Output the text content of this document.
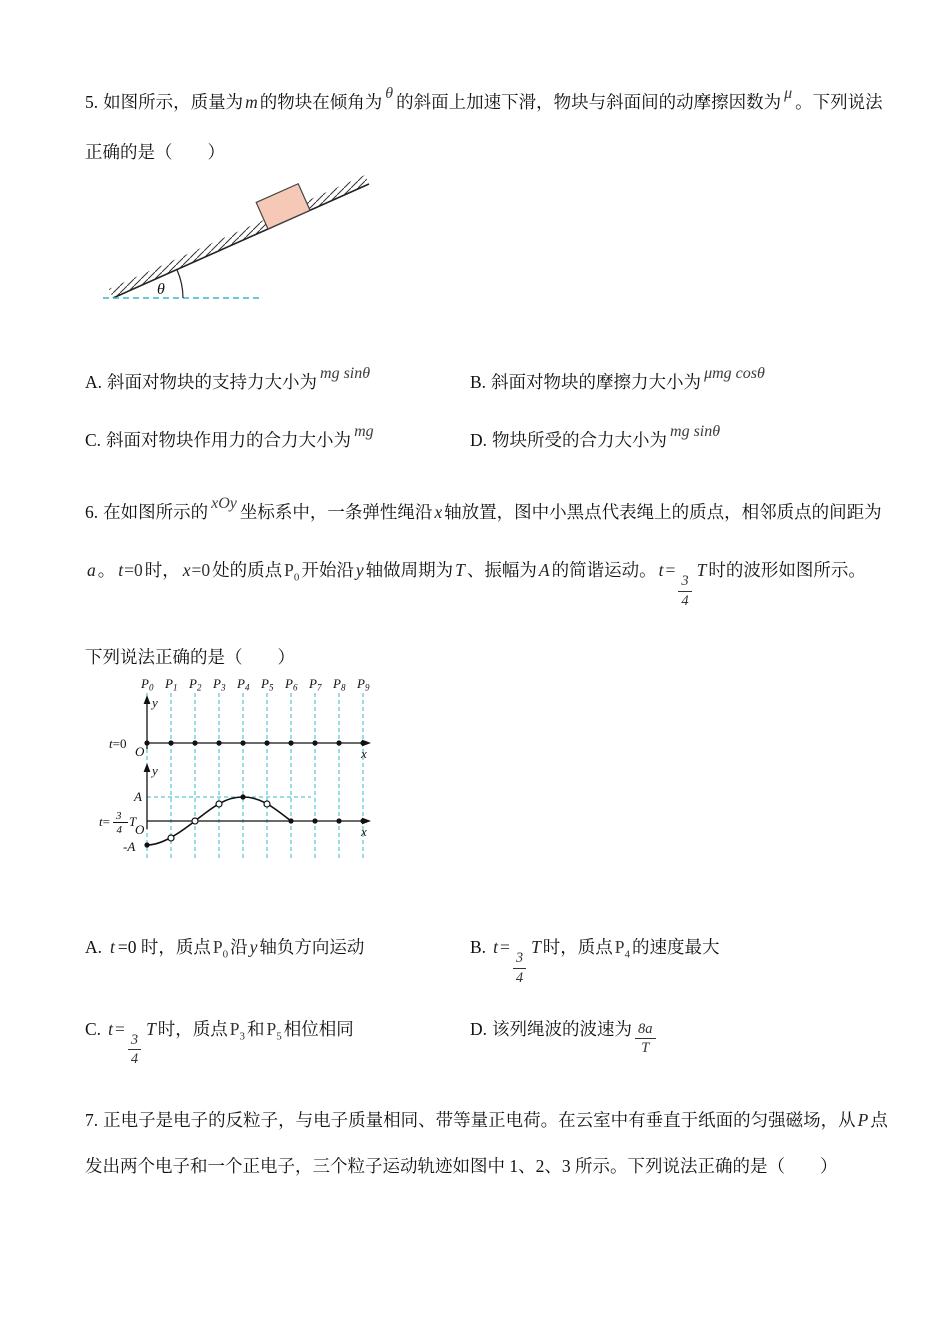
5. 如图所示，质量为 m 的物块在倾角为 θ 的斜面上加速下滑，物块与斜面间的动摩擦因数为 μ 。下列说法
正确的是（　　）
θ
A. 斜面对物块的支持力大小为 mg sinθ	B. 斜面对物块的摩擦力大小为 μmg cosθ
C. 斜面对物块作用力的合力大小为 mg	D. 物块所受的合力大小为 mg sinθ
6. 在如图所示的 xOy 坐标系中，一条弹性绳沿 x 轴放置，图中小黑点代表绳上的质点，相邻质点的间距为
a 。 t=0 时， x=0 处的质点 $P_0$ 开始沿 y 轴做周期为 T 、振幅为 A 的简谐运动。 t =
$\frac{3}{4}$
T 时的波形如图所示。
下列说法正确的是（　　）
P0 P1 P2 P3 P4 P5 P6 P7 P8 P9
y
x
O
t=0
y
x
O
A
-A
t= 3
4
T
A. t =0 时，质点 $P_0$ 沿 y 轴负方向运动	B. t =
$\frac{3}{4}$
T 时，质点 $P_4$ 的速度最大
C. t =
$\frac{3}{4}$
T 时，质点 $P_3$ 和 $P_5$ 相位相同	D. 该列绳波的波速为 $\frac{8a}{T}$
7. 正电子是电子的反粒子，与电子质量相同、带等量正电荷。在云室中有垂直于纸面的匀强磁场，从 P 点
发出两个电子和一个正电子，三个粒子运动轨迹如图中 1、2、3 所示。下列说法正确的是（　　）
